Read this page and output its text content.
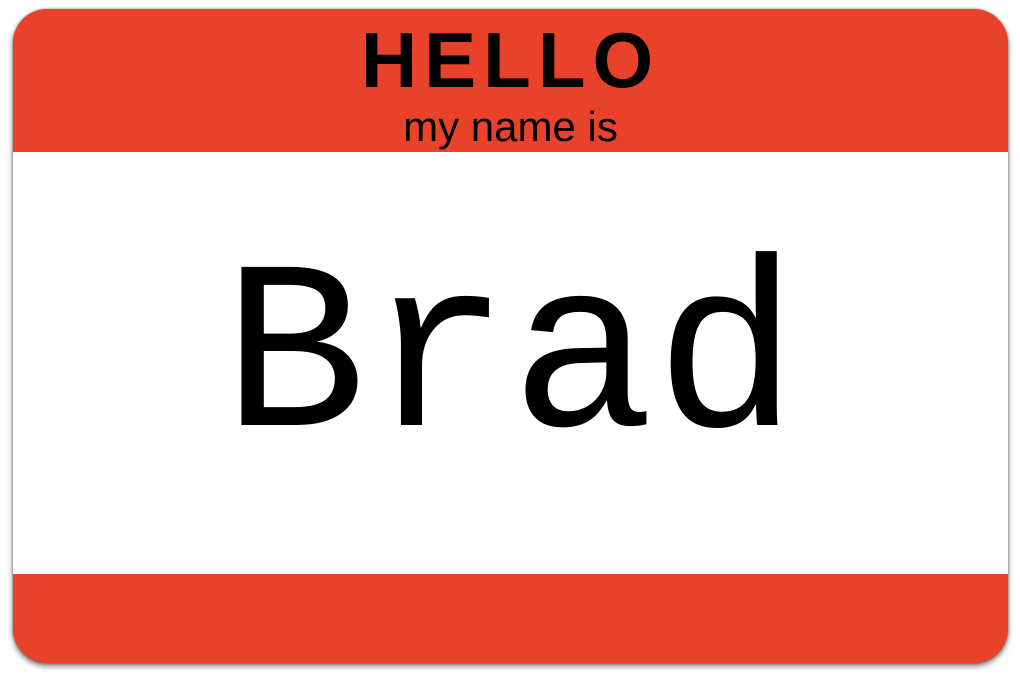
HELLO
my name is
Brad
